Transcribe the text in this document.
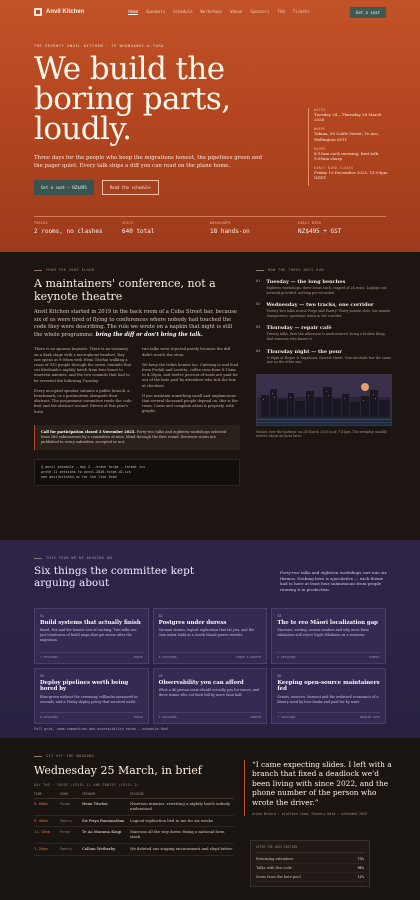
Anvil Kitchen	Home Speakers Schedule Workshops Venue Sponsors FAQ Tickets	Get a seat
THE SEVENTY ANVIL KITCHEN · TE WHANGANUI-A-TARA
We build the boring parts, loudly.

Three days for the people who keep the migrations honest, the pipelines green and the pager quiet. Every talk ships a diff you can read on the plane home.

Get a seat — NZ$495	Read the schedule
DATES
Tuesday 24 – Thursday 26 March 2026
WHERE
Takina, 50 Cable Street, Te Aro, Wellington 6011
DOORS
8:15am each morning, first talk 9:00am sharp
EARLY BIRD CLOSES
Friday 19 December 2025, 11:59pm NZDT
TRACKS
2 rooms, no clashes
SEATS
640 total
WORKSHOPS
18 hands-on
EARLY BIRD
NZ$495 + GST
FROM THE CODE FLOOR
A maintainers' conference, not a keynote theatre

Anvil Kitchen started in 2019 in the back room of a Cuba Street bar, because six of us were tired of flying to conferences where nobody had touched the code they were describing. The rule we wrote on a napkin that night is still the whole programme: bring the diff or don't bring the talk.

There is no sponsor keynote. There is no visionary on a dark stage with a microphone headset. Day one opens at 9:00am with Hemi Tāwhai walking a room of 320 people through the seven commits that cut Kiwibank's nightly batch from four hours to nineteen minutes, and the two commits that had to be reverted the following Tuesday.

Every accepted speaker submits a public branch, a benchmark, or a postmortem alongside their abstract. The programme committee reads the code first and the abstract second. Eleven of this year's forty-

two talks were rejected purely because the diff didn't match the story.

We keep the ticket honest too. Catering is real food from Prefab and Loretta, coffee runs from 8:15am to 4:30pm, and twelve percent of seats are paid for out of the kete pool by attendees who tick the box at checkout.

If you maintain something small and unglamorous that several thousand people depend on, this is the room. Come and complain about it properly, with graphs.

Call for participation closed 3 November 2025. Forty-two talks and eighteen workshops selected from 386 submissions by a committee of nine, blind through the first round. Reviewer notes are published to every submitter, accepted or not.
$ anvil schedule --day 2 --track forge --format ics
wrote 11 sessions to anvil-2026-forge-d2.ics
see anvilkitchen.nz for the live feed
HOW THE THREE DAYS RUN
01 Tuesday — the long benches
Eighteen workshops, three hours each, capped at 24 seats. Laptops out, network provided, nothing pre-recorded.
02 Wednesday — two tracks, one corridor
Twenty-two talks across Forge and Pantry. Thirty-minute slots, ten-minute changeovers, questions taken in the corridor.
03 Thursday — repair café
Twenty talks, then the afternoon is unstructured: bring a broken thing, find someone who knows it.
04 Thursday night — the pour
6:30pm at Rogue & Vagabond, Garrett Street. Non-alcoholic bar the same size as the other one.
Sunset over the harbour on 24 March 2026 is at 7:41pm. The wrokdsy usually arrives about an hour later.
THIS YEAR WE'RE ARGUING ON
Six things the committee kept arguing about

Forty-two talks and eighteen workshops sort into six themes. Nothing here is speculative — each theme had to have at least four submissions from people running it in production.

01
Build systems that actually finish
Bazel, Nix and the honest cost of caching. Two talks are just teardowns of build maps that got worse after the migration.
7 SESSIONS	FORGE
02
Postgres under duress
Vacuum stories, logical replication that bit you, and the 3am index build at a South Island power retailer.
9 SESSIONS	FORGE & PANTRY
03
The te reo Māori localization gap
Macrons, sorting, screen readers and why most form validators still reject Ngāti Whakaue as a surname.
5 SESSIONS	PANTRY
04
Deploy pipelines worth being bored by
Blue-green without the ceremony, rollbacks measured in seconds, and a Friday deploy policy that survived audit.
8 SESSIONS	FORGE
05
Observability you can afford
What a 40-person team should actually pay for traces, and three teams who cut their bill by more than half.
6 SESSIONS	PANTRY
06
Keeping open-source maintainers fed
Grants, invoices, burnout and the awkward economics of a library used by four banks and paid for by none.
7 SESSIONS	REPAIR CAFÉ
Full grid, room capacities and accessibility notes — schedule.html
SIX OFF THE WAGGONS
Wednesday 25 March, in brief
DAY TWO · FORGE (LEVEL 1) AND PANTRY (LEVEL 2)
TIME	ROOM	SPEAKER	SESSION
9.00am	Forge	Hemi Tāwhai	Nineteen minutes: rewriting a nightly batch nobody understood
9.40am	Pantry	Sir Priya Ramanathan	Logical replication lied to me for six weeks
11.10am	Forge	Te Ao Marama Kingi	Macrons all the way down: fixing a national form stack
1.20pm	Pantry	Callum Wetherby	We deleted our staging environment and slept better
“I came expecting slides. I left with a branch that fixed a deadlock we'd been living with since 2022, and the phone number of the person who wrote the driver.”
Aroha Nikora · platform lead, Foundry Data · attended 2025
AFTER THE 2025 EDITION
Returning attendees	73%
Talks with live code	96%
Seats from the kete pool	12%
